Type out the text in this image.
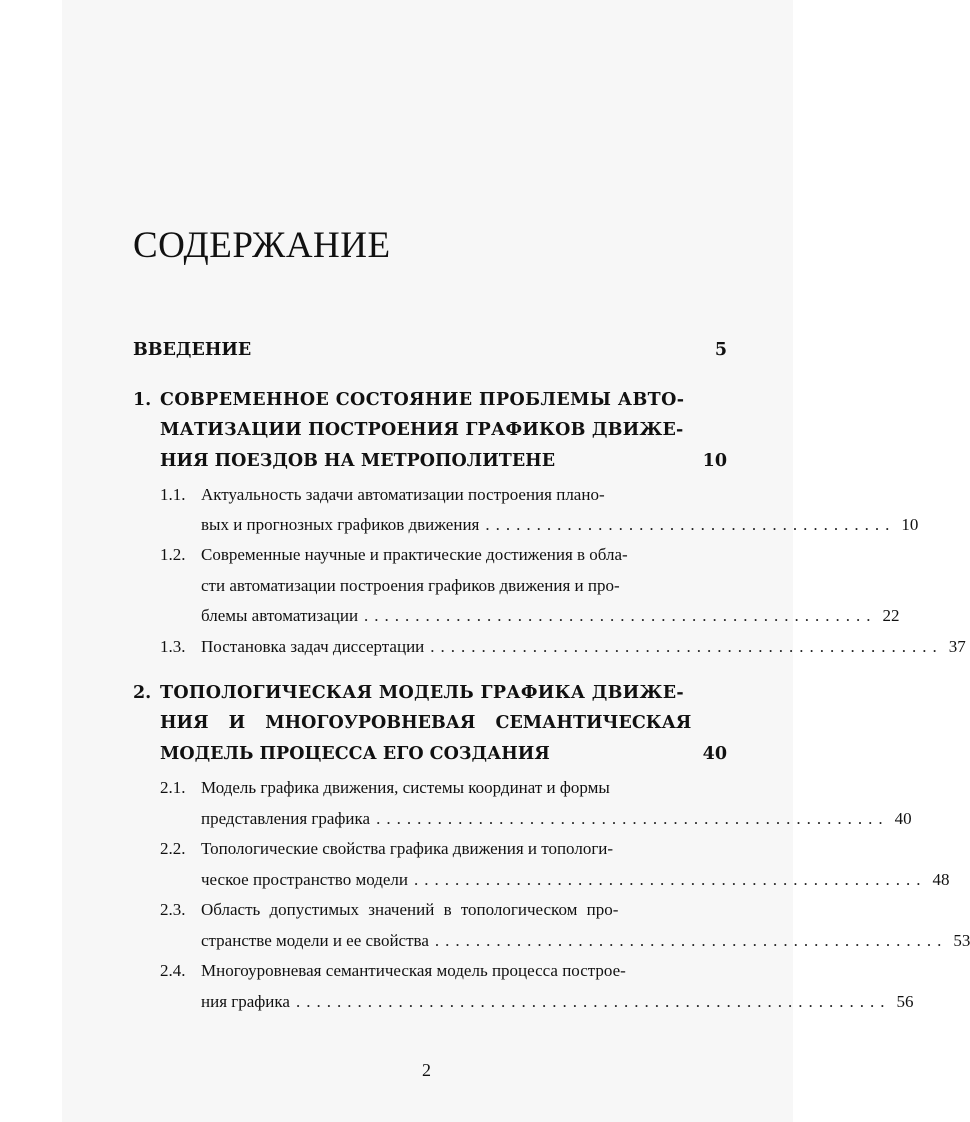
СОДЕРЖАНИЕ
ВВЕДЕНИЕ	5
1. СОВРЕМЕННОЕ СОСТОЯНИЕ ПРОБЛЕМЫ АВТО-
МАТИЗАЦИИ ПОСТРОЕНИЯ ГРАФИКОВ ДВИЖЕ-
НИЯ ПОЕЗДОВ НА МЕТРОПОЛИТЕНЕ	10
1.1. Актуальность задачи автоматизации построения плано-
вых и прогнозных графиков движения ........................................ 10
1.2. Современные научные и практические достижения в обла-
сти автоматизации построения графиков движения и про-
блемы автоматизации .................................................. 22
1.3. Постановка задач диссертации .................................................. 37
2. ТОПОЛОГИЧЕСКАЯ МОДЕЛЬ ГРАФИКА ДВИЖЕ-
НИЯ И МНОГОУРОВНЕВАЯ СЕМАНТИЧЕСКАЯ
МОДЕЛЬ ПРОЦЕССА ЕГО СОЗДАНИЯ	40
2.1. Модель графика движения, системы координат и формы
представления графика .................................................. 40
2.2. Топологические свойства графика движения и топологи-
ческое пространство модели .................................................. 48
2.3. Область допустимых значений в топологическом про-
странстве модели и ее свойства .................................................. 53
2.4. Многоуровневая семантическая модель процесса построе-
ния графика .......................................................... 56
2
